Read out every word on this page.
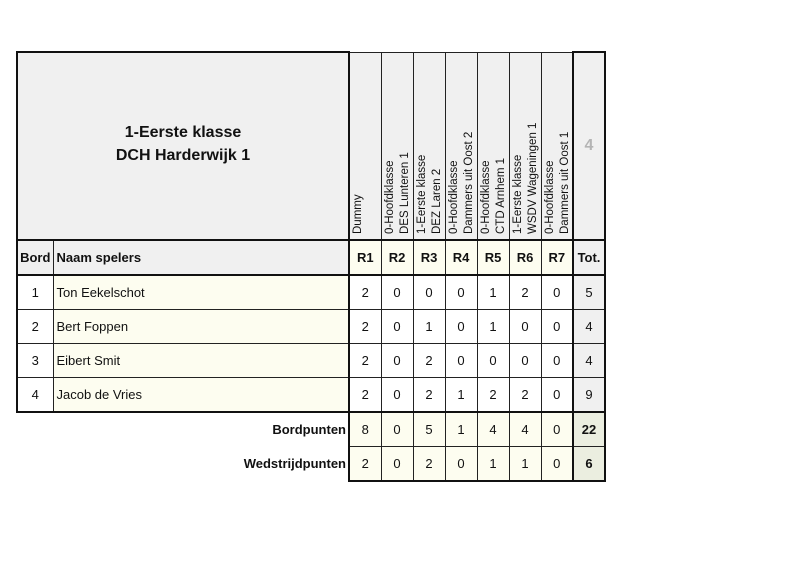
1-Eerste klasse
DCH Harderwijk 1

Dummy	0-Hoofdklasse DES Lunteren 1	1-Eerste klasse DEZ Laren 2	0-Hoofdklasse Dammers uit Oost 2	0-Hoofdklasse CTD Arnhem 1	1-Eerste klasse WSDV Wageningen 1	0-Hoofdklasse Dammers uit Oost 1	4
Bord	Naam spelers	R1	R2	R3	R4	R5	R6	R7	Tot.
1	Ton Eekelschot	2	0	0	0	1	2	0	5
2	Bert Foppen	2	0	1	0	1	0	0	4
3	Eibert Smit	2	0	2	0	0	0	0	4
4	Jacob de Vries	2	0	2	1	2	2	0	9
Bordpunten		8	0	5	1	4	4	0	22
Wedstrijdpunten		2	0	2	0	1	1	0	6
